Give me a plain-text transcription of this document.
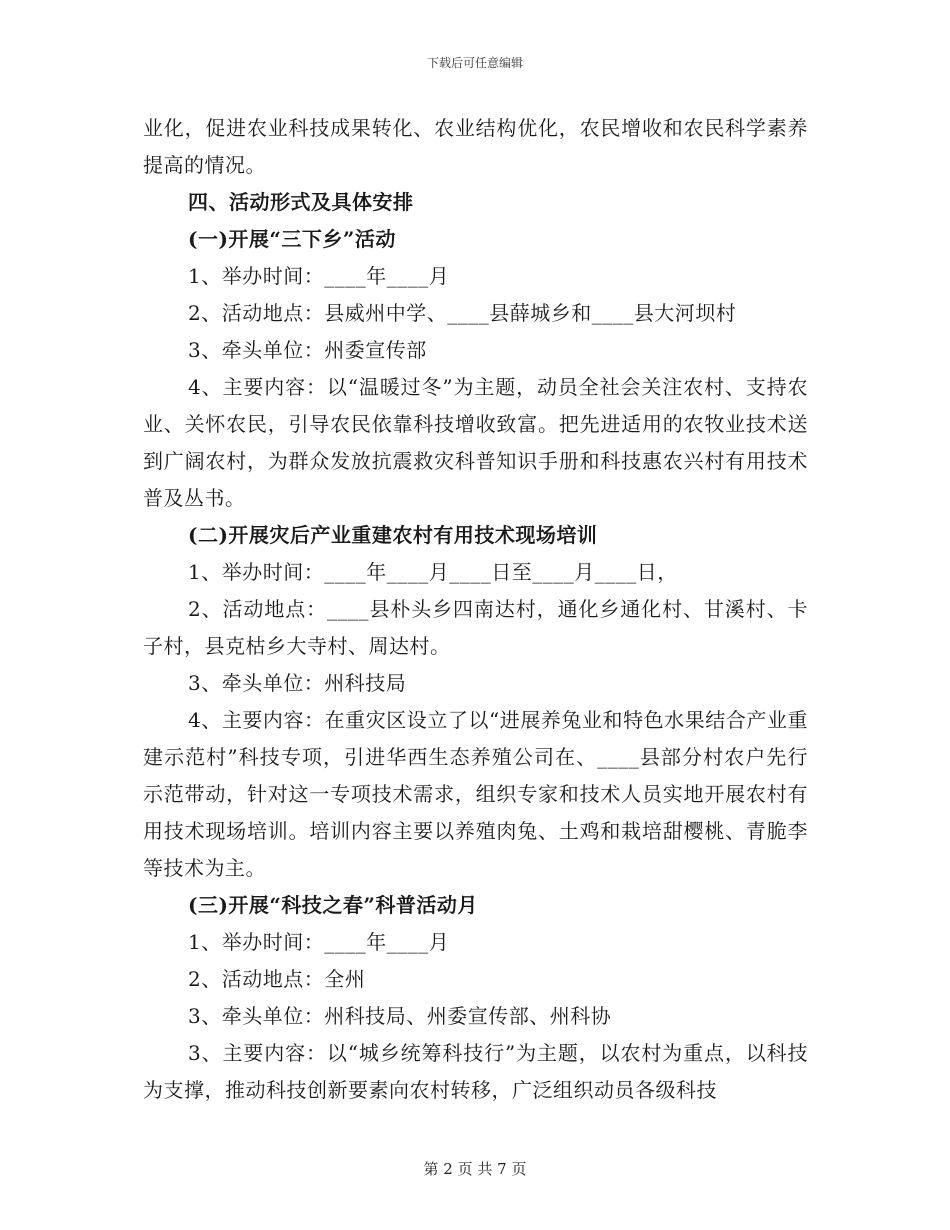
下载后可任意编辑

业化，促进农业科技成果转化、农业结构优化，农民增收和农民科学素养提高的情况。

四、活动形式及具体安排

(一)开展“三下乡”活动

1、举办时间：____年____月

2、活动地点：县威州中学、____县薛城乡和____县大河坝村

3、牵头单位：州委宣传部

4、主要内容：以“温暖过冬”为主题，动员全社会关注农村、支持农业、关怀农民，引导农民依靠科技增收致富。把先进适用的农牧业技术送到广阔农村，为群众发放抗震救灾科普知识手册和科技惠农兴村有用技术普及丛书。

(二)开展灾后产业重建农村有用技术现场培训

1、举办时间：____年____月____日至____月____日，

2、活动地点：____县朴头乡四南达村，通化乡通化村、甘溪村、卡子村，县克枯乡大寺村、周达村。

3、牵头单位：州科技局

4、主要内容：在重灾区设立了以“进展养兔业和特色水果结合产业重建示范村”科技专项，引进华西生态养殖公司在、____县部分村农户先行示范带动，针对这一专项技术需求，组织专家和技术人员实地开展农村有用技术现场培训。培训内容主要以养殖肉兔、土鸡和栽培甜樱桃、青脆李等技术为主。

(三)开展“科技之春”科普活动月

1、举办时间：____年____月

2、活动地点：全州

3、牵头单位：州科技局、州委宣传部、州科协

3、主要内容：以“城乡统筹科技行”为主题，以农村为重点，以科技为支撑，推动科技创新要素向农村转移，广泛组织动员各级科技

第 2 页 共 7 页
